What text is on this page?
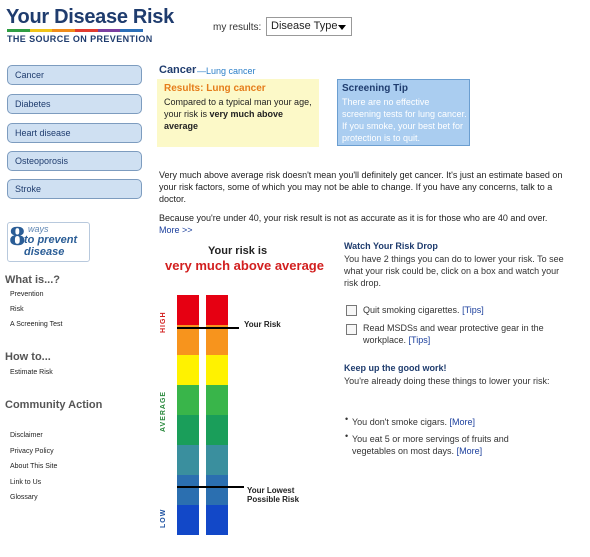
Your Disease Risk
THE SOURCE ON PREVENTION
my results: Disease Type
Cancer
Diabetes
Heart disease
Osteoporosis
Stroke
8 ways
to prevent
disease
What is...?
Prevention
Risk
A Screening Test
How to...
Estimate Risk
Community Action
Disclaimer
Privacy Policy
About This Site
Link to Us
Glossary
Cancer —Lung cancer
Results: Lung cancer
Compared to a typical man your age, your risk is very much above average
Screening Tip
There are no effective screening tests for lung cancer. If you smoke, your best bet for protection is to quit.
Very much above average risk doesn't mean you'll definitely get cancer. It's just an estimate based on your risk factors, some of which you may not be able to change. If you have any concerns, talk to a doctor.
Because you're under 40, your risk result is not as accurate as it is for those who are 40 and over. More >>
Your risk is
very much above average
HIGH
AVERAGE
LOW
Your Risk
Your Lowest
Possible Risk
Watch Your Risk Drop
You have 2 things you can do to lower your risk. To see what your risk could be, click on a box and watch your risk drop.
Quit smoking cigarettes. [Tips]
Read MSDSs and wear protective gear in the workplace. [Tips]
Keep up the good work!
You're already doing these things to lower your risk:
• You don't smoke cigars. [More]
• You eat 5 or more servings of fruits and vegetables on most days. [More]
